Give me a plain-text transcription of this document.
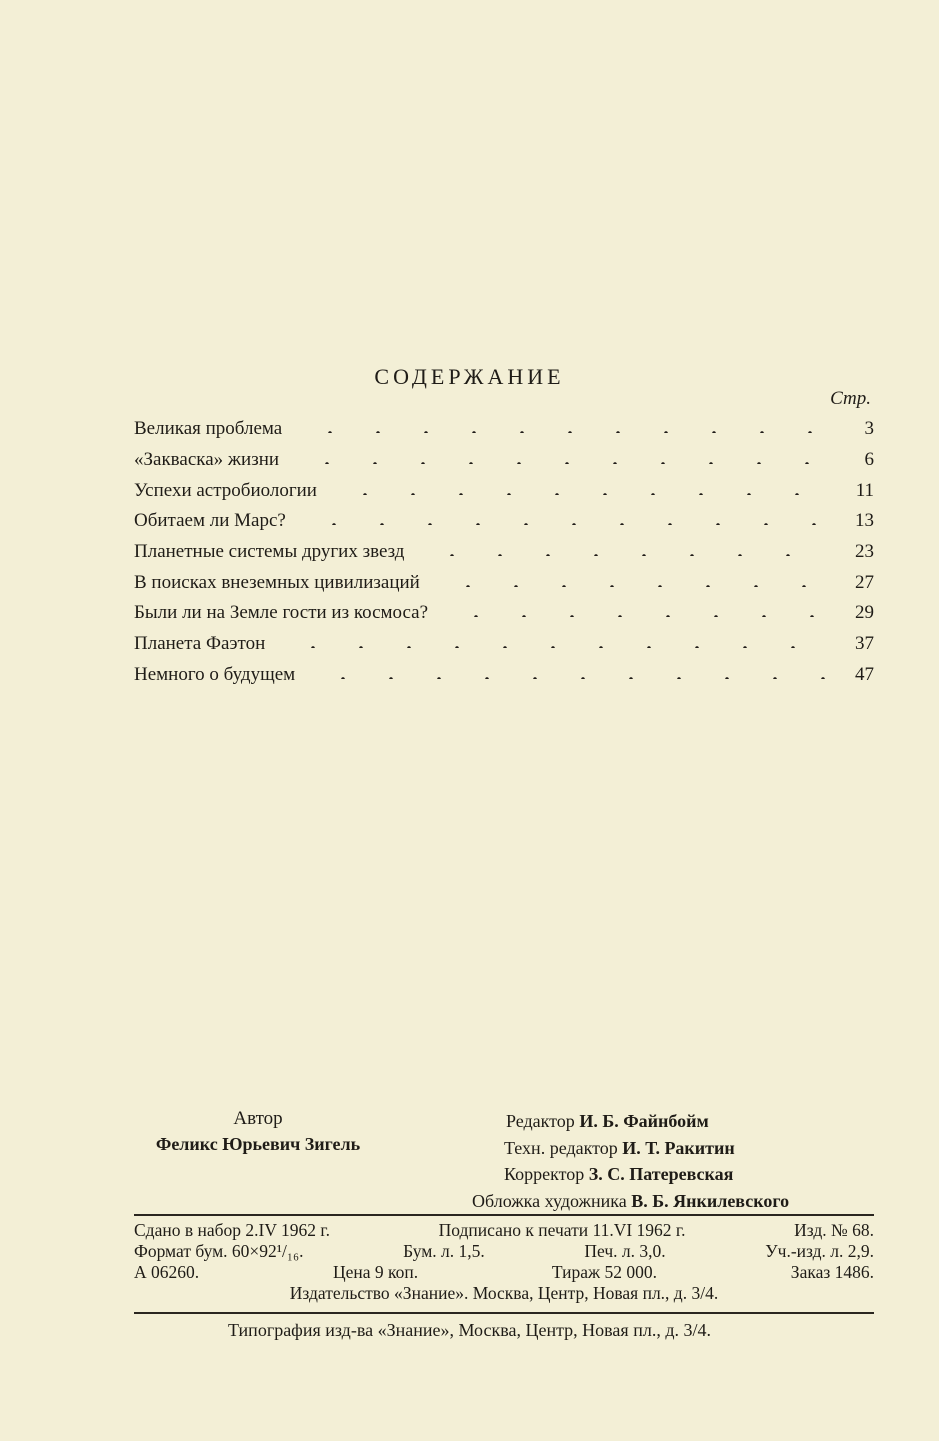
СОДЕРЖАНИЕ
Стр.
Великая проблема	3
«Закваска» жизни	6
Успехи астробиологии	11
Обитаем ли Марс?	13
Планетные системы других звезд	23
В поисках внеземных цивилизаций	27
Были ли на Земле гости из космоса?	29
Планета Фаэтон	37
Немного о будущем	47
Автор
Феликс Юрьевич Зигель
Редактор И. Б. Файнбойм
Техн. редактор И. Т. Ракитин
Корректор З. С. Патеревская
Обложка художника В. Б. Янкилевского
Сдано в набор 2.IV 1962 г.	Подписано к печати 11.VI 1962 г.	Изд. № 68.
Формат бум. 60×92¹/₁₆.	Бум. л. 1,5.	Печ. л. 3,0.	Уч.-изд. л. 2,9.
А 06260.	Цена 9 коп.	Тираж 52 000.	Заказ 1486.
Издательство «Знание». Москва, Центр, Новая пл., д. 3/4.
Типография изд-ва «Знание», Москва, Центр, Новая пл., д. 3/4.
